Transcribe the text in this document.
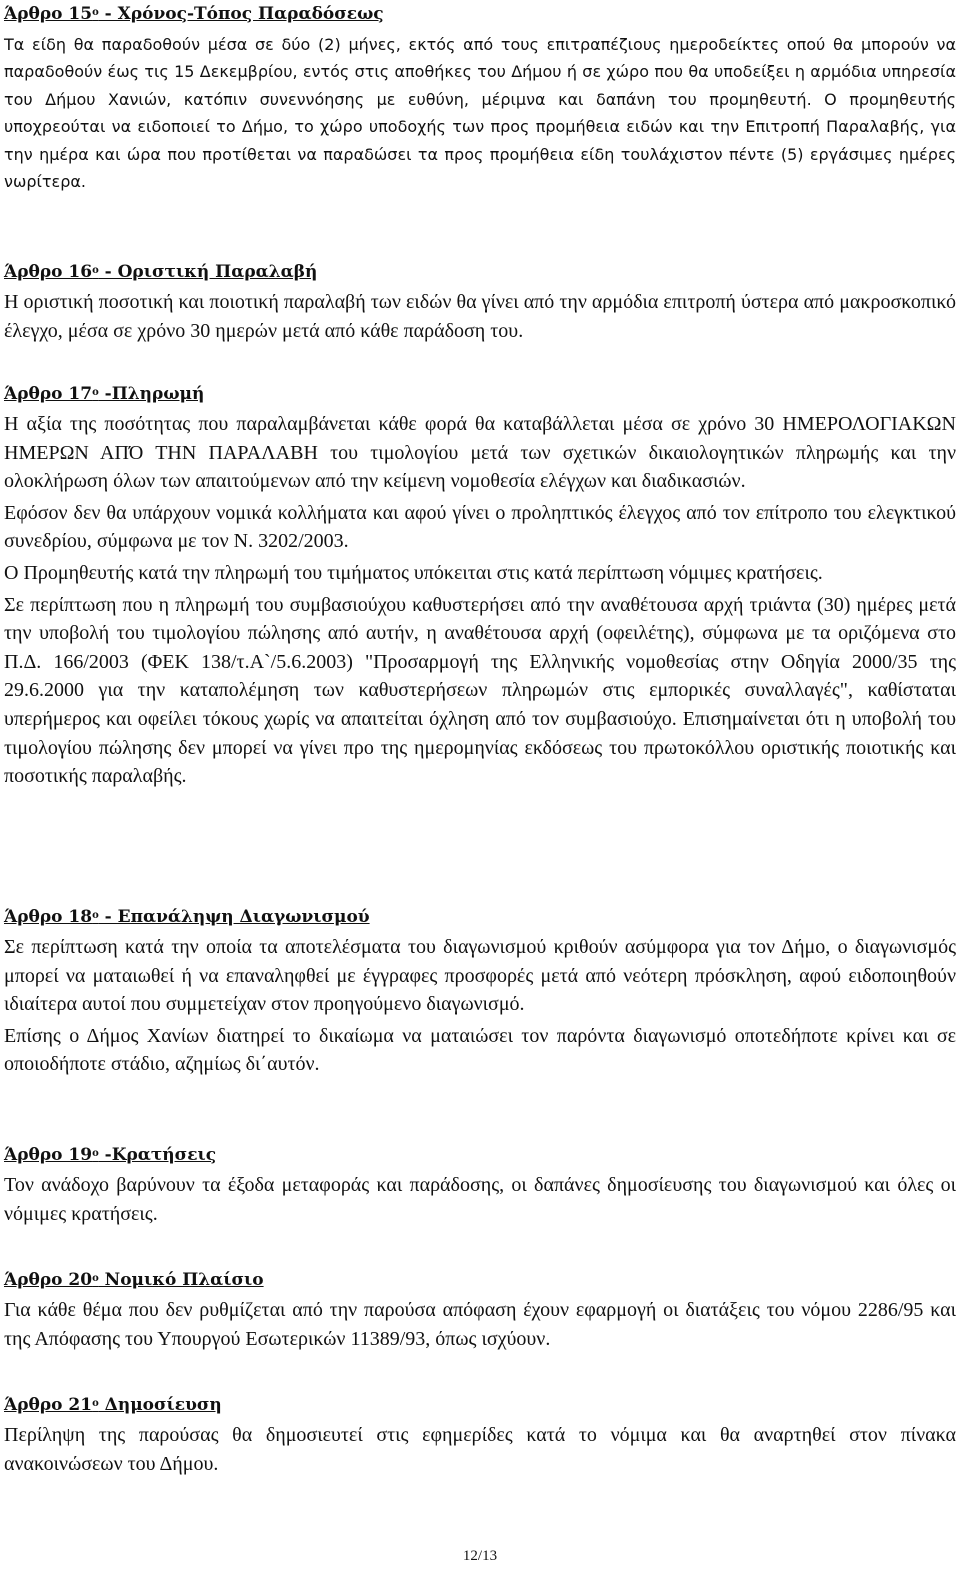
Άρθρο $15^o - X\rho ό\nu o\varsigma-Tό\pi o\varsigma$ Παραδόσεως

Τα είδη θα παραδοθούν μέσα σε δύο (2) μήνες, εκτός από τους επιτραπέζιους ημεροδείκτες οπού θα μπορούν να παραδοθούν έως τις 15 Δεκεμβρίου, εντός στις αποθήκες του Δήμου ή σε χώρο που θα υποδείξει η αρμόδια υπηρεσία του Δήμου Χανιών, κατόπιν συνεννόησης με ευθύνη, μέριμνα και δαπάνη του προμηθευτή. Ο προμηθευτής υποχρεούται να ειδοποιεί το Δήμο, το χώρο υποδοχής των προς προμήθεια ειδών και την Επιτροπή Παραλαβής, για την ημέρα και ώρα που προτίθεται να παραδώσει τα προς προμήθεια είδη τουλάχιστον πέντε (5) εργάσιμες ημέρες νωρίτερα.

Άρθρο $16^o$ - Οριστική Παραλαβή

Η οριστική ποσοτική και ποιοτική παραλαβή των ειδών θα γίνει από την αρμόδια επιτροπή ύστερα από μακροσκοπικό έλεγχο, μέσα σε χρόνο 30 ημερών μετά από κάθε παράδοση του.

Άρθρο $17^o$ -Πληρωμή

Η αξία της ποσότητας που παραλαμβάνεται κάθε φορά θα καταβάλλεται μέσα σε χρόνο 30 ΗΜΕΡΟΛΟΓΙΑΚΩΝ ΗΜΕΡΩΝ ΑΠΌ ΤΗΝ ΠΑΡΑΛΑΒΗ του τιμολογίου μετά των σχετικών δικαιολογητικών πληρωμής και την ολοκλήρωση όλων των απαιτούμενων από την κείμενη νομοθεσία ελέγχων και διαδικασιών.

Εφόσον δεν θα υπάρχουν νομικά κολλήματα και αφού γίνει ο προληπτικός έλεγχος από τον επίτροπο του ελεγκτικού συνεδρίου, σύμφωνα με τον Ν. 3202/2003.

Ο Προμηθευτής κατά την πληρωμή του τιμήματος υπόκειται στις κατά περίπτωση νόμιμες κρατήσεις.

Σε περίπτωση που η πληρωμή του συμβασιούχου καθυστερήσει από την αναθέτουσα αρχή τριάντα (30) ημέρες μετά την υποβολή του τιμολογίου πώλησης από αυτήν, η αναθέτουσα αρχή (οφειλέτης), σύμφωνα με τα οριζόμενα στο Π.Δ. 166/2003 (ΦΕΚ 138/τ.Α`/5.6.2003) "Προσαρμογή της Ελληνικής νομοθεσίας στην Οδηγία 2000/35 της 29.6.2000 για την καταπολέμηση των καθυστερήσεων πληρωμών στις εμπορικές συναλλαγές", καθίσταται υπερήμερος και οφείλει τόκους χωρίς να απαιτείται όχληση από τον συμβασιούχο. Επισημαίνεται ότι η υποβολή του τιμολογίου πώλησης δεν μπορεί να γίνει προ της ημερομηνίας εκδόσεως του πρωτοκόλλου οριστικής ποιοτικής και ποσοτικής παραλαβής.

Άρθρο $18^o$ - Επανάληψη Διαγωνισμού

Σε περίπτωση κατά την οποία τα αποτελέσματα του διαγωνισμού κριθούν ασύμφορα για τον Δήμο, ο διαγωνισμός μπορεί να ματαιωθεί ή να επαναληφθεί με έγγραφες προσφορές μετά από νεότερη πρόσκληση, αφού ειδοποιηθούν ιδιαίτερα αυτοί που συμμετείχαν στον προηγούμενο διαγωνισμό.

Επίσης ο Δήμος Χανίων διατηρεί το δικαίωμα να ματαιώσει τον παρόντα διαγωνισμό οποτεδήποτε κρίνει και σε οποιοδήποτε στάδιο, αζημίως δι΄αυτόν.

Άρθρο $19^o$ -Κρατήσεις

Τον ανάδοχο βαρύνουν τα έξοδα μεταφοράς και παράδοσης, οι δαπάνες δημοσίευσης του διαγωνισμού και όλες οι νόμιμες κρατήσεις.

Άρθρο $20^o$ Νομικό Πλαίσιο

Για κάθε θέμα που δεν ρυθμίζεται από την παρούσα απόφαση έχουν εφαρμογή οι διατάξεις του νόμου 2286/95 και της Απόφασης του Υπουργού Εσωτερικών 11389/93, όπως ισχύουν.

Άρθρο $21^o$ Δημοσίευση

Περίληψη της παρούσας θα δημοσιευτεί στις εφημερίδες κατά το νόμιμα και θα αναρτηθεί στον πίνακα ανακοινώσεων του Δήμου.

12/13
